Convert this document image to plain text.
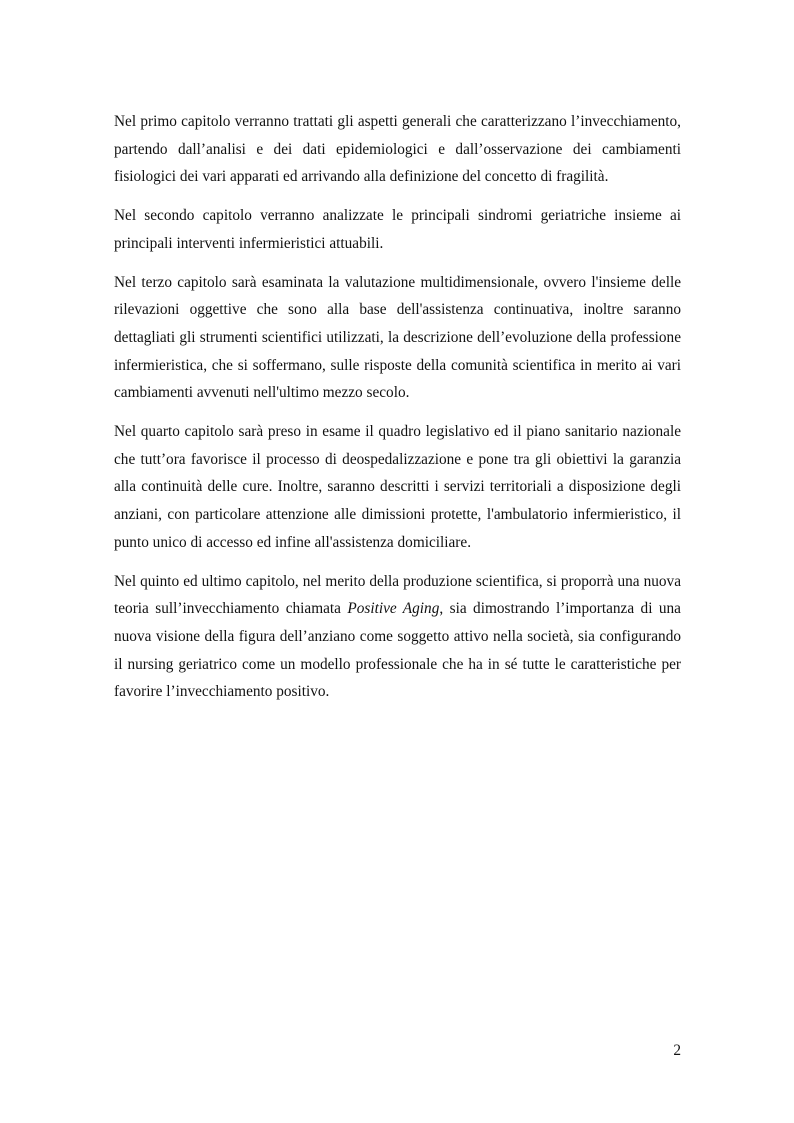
Nel primo capitolo verranno trattati gli aspetti generali che caratterizzano l’invecchiamento, partendo dall’analisi e dei dati epidemiologici e dall’osservazione dei cambiamenti fisiologici dei vari apparati ed arrivando alla definizione del concetto di fragilità.

Nel secondo capitolo verranno analizzate le principali sindromi geriatriche insieme ai principali interventi infermieristici attuabili.

Nel terzo capitolo sarà esaminata la valutazione multidimensionale, ovvero l'insieme delle rilevazioni oggettive che sono alla base dell'assistenza continuativa, inoltre saranno dettagliati gli strumenti scientifici utilizzati, la descrizione dell’evoluzione della professione infermieristica, che si soffermano, sulle risposte della comunità scientifica in merito ai vari cambiamenti avvenuti nell'ultimo mezzo secolo.

Nel quarto capitolo sarà preso in esame il quadro legislativo ed il piano sanitario nazionale che tutt’ora favorisce il processo di deospedalizzazione e pone tra gli obiettivi la garanzia alla continuità delle cure. Inoltre, saranno descritti i servizi territoriali a disposizione degli anziani, con particolare attenzione alle dimissioni protette, l'ambulatorio infermieristico, il punto unico di accesso ed infine all'assistenza domiciliare.

Nel quinto ed ultimo capitolo, nel merito della produzione scientifica, si proporrà una nuova teoria sull’invecchiamento chiamata Positive Aging, sia dimostrando l’importanza di una nuova visione della figura dell’anziano come soggetto attivo nella società, sia configurando il nursing geriatrico come un modello professionale che ha in sé tutte le caratteristiche per favorire l’invecchiamento positivo.

2
